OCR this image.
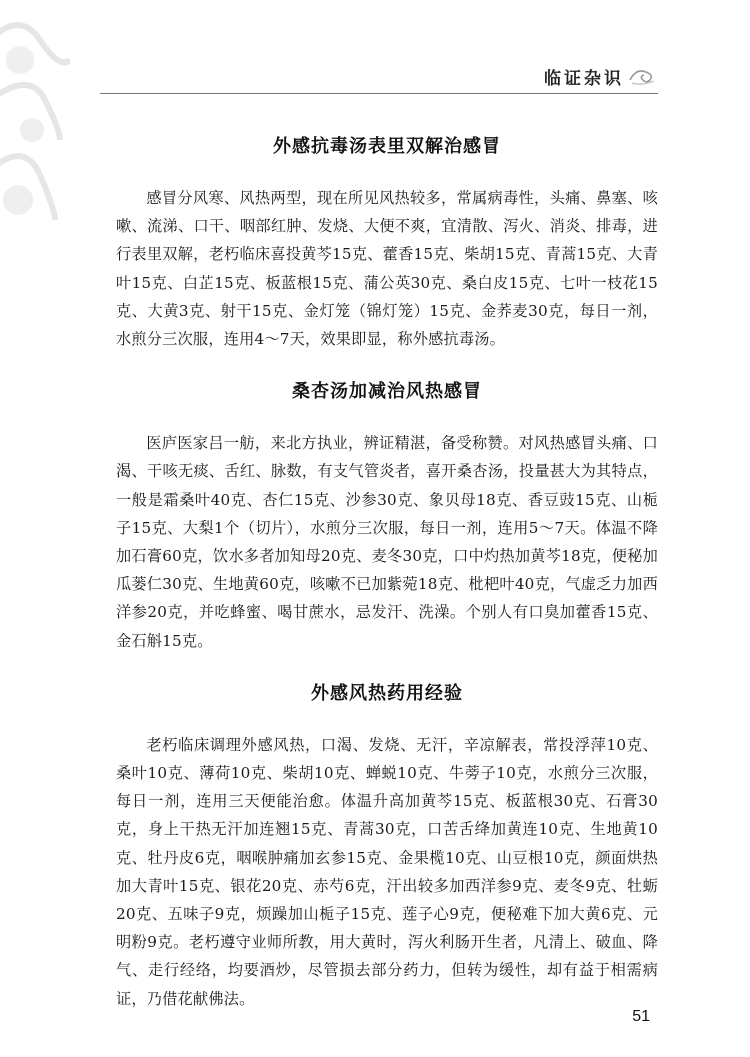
临证杂识
外感抗毒汤表里双解治感冒

感冒分风寒、风热两型，现在所见风热较多，常属病毒性，头痛、鼻塞、咳嗽、流涕、口干、咽部红肿、发烧、大便不爽，宜清散、泻火、消炎、排毒，进行表里双解，老朽临床喜投黄芩15克、藿香15克、柴胡15克、青蒿15克、大青叶15克、白芷15克、板蓝根15克、蒲公英30克、桑白皮15克、七叶一枝花15克、大黄3克、射干15克、金灯笼（锦灯笼）15克、金荞麦30克，每日一剂，水煎分三次服，连用4～7天，效果即显，称外感抗毒汤。

桑杏汤加减治风热感冒

医庐医家吕一舫，来北方执业，辨证精湛，备受称赞。对风热感冒头痛、口渴、干咳无痰、舌红、脉数，有支气管炎者，喜开桑杏汤，投量甚大为其特点，一般是霜桑叶40克、杏仁15克、沙参30克、象贝母18克、香豆豉15克、山栀子15克、大梨1个（切片），水煎分三次服，每日一剂，连用5～7天。体温不降加石膏60克，饮水多者加知母20克、麦冬30克，口中灼热加黄芩18克，便秘加瓜蒌仁30克、生地黄60克，咳嗽不已加紫菀18克、枇杷叶40克，气虚乏力加西洋参20克，并吃蜂蜜、喝甘蔗水，忌发汗、洗澡。个别人有口臭加藿香15克、金石斛15克。

外感风热药用经验

老朽临床调理外感风热，口渴、发烧、无汗，辛凉解表，常投浮萍10克、桑叶10克、薄荷10克、柴胡10克、蝉蜕10克、牛蒡子10克，水煎分三次服，每日一剂，连用三天便能治愈。体温升高加黄芩15克、板蓝根30克、石膏30克，身上干热无汗加连翘15克、青蒿30克，口苦舌绛加黄连10克、生地黄10克、牡丹皮6克，咽喉肿痛加玄参15克、金果榄10克、山豆根10克，颜面烘热加大青叶15克、银花20克、赤芍6克，汗出较多加西洋参9克、麦冬9克、牡蛎20克、五味子9克，烦躁加山栀子15克、莲子心9克，便秘难下加大黄6克、元明粉9克。老朽遵守业师所教，用大黄时，泻火利肠开生者，凡清上、破血、降气、走行经络，均要酒炒，尽管损去部分药力，但转为缓性，却有益于相需病证，乃借花献佛法。

51
